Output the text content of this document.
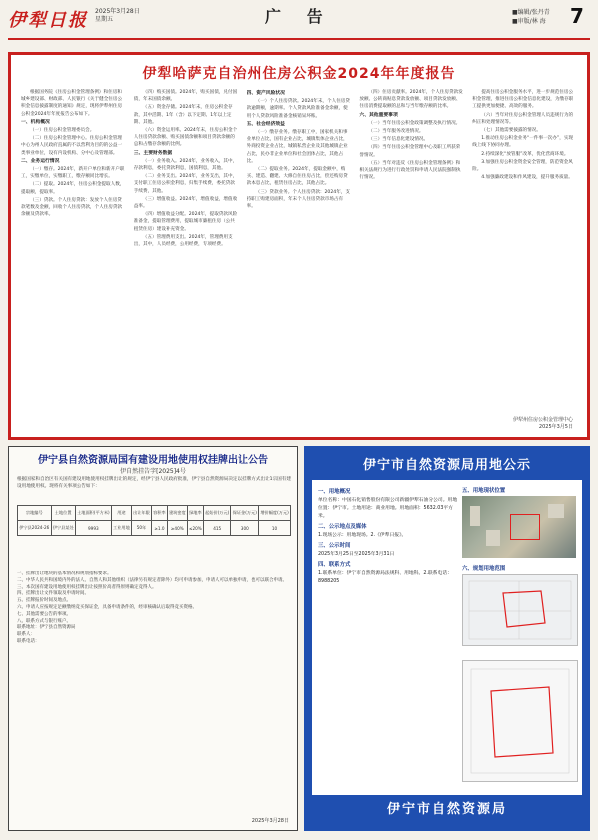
伊犁日报 2025年3月28日
星期五	广 告	■编辑/张丹青
■审版/林 海 7
伊犁哈萨克自治州住房公积金2024年年度报告

根据国务院《住房公积金管理条例》和住房和城乡建设部、财政部、人民银行《关于健全住房公积金信息披露制度的通知》规定，现将伊犁州住房公积金2024年年度报告公布如下。

一、机构概况

（一）住房公积金管理委员会。

（二）住房公积金管理中心。住房公积金管理中心为州人民政府直属的不以营利为目的的公益一类事业单位，设有内设机构、分中心及管理部。

二、业务运行情况

（一）缴存。2024年，新开户单位和新开户职工，实缴单位，实缴职工，缴存额同比增长。

（二）提取。2024年，住房公积金提取人数，提取额，提取率。

（三）贷款。个人住房贷款：发放个人住房贷款笔数及金额，回收个人住房贷款，个人住房贷款余额及贷款率。

（四）购买国债。2024年，购买国债，兑付国债，年末国债余额。

（五）资金存储。2024年末，住房公积金存款，其中活期、1年（含）以下定期、1年以上定期、其他。

（六）资金运用率。2024年末，住房公积金个人住房贷款余额、购买国债余额和项目贷款余额的总和占缴存余额的比例。

三、主要财务数据

（一）业务收入。2024年，业务收入，其中，存款利息，委托贷款利息，国债利息，其他。

（二）业务支出。2024年，业务支出，其中，支付职工住房公积金利息，归集手续费，委托贷款手续费，其他。

（三）增值收益。2024年，增值收益，增值收益率。

（四）增值收益分配。2024年，提取贷款风险准备金，提取管理费用，提取城市廉租住房（公共租赁住房）建设补充资金。

（五）管理费用支出。2024年，管理费用支出，其中，人员经费，公用经费，专项经费。

四、资产风险状况

（一）个人住房贷款。2024年末，个人住房贷款逾期额，逾期率。个人贷款风险准备金余额，使用个人贷款风险准备金核销呆坏账。

五、社会经济效益

（一）缴存业务。缴存职工中，国家机关和事业单位占比，国有企业占比，城镇集体企业占比，外商投资企业占比，城镇私营企业及其他城镇企业占比，民办非企业单位和社会团体占比，其他占比。

（二）提取业务。2024年，提取金额中，购买、建造、翻建、大修自住住房占比，偿还购房贷款本息占比，租赁住房占比，其他占比。

（三）贷款业务。个人住房贷款：2024年，支持职工购建房面积，年末个人住房贷款市场占有率。

（四）住房贡献率。2024年，个人住房贷款发放额、公转商贴息贷款发放额、项目贷款发放额、住房消费提取额的总和与当年缴存额的比率。

六、其他重要事项

（一）当年住房公积金政策调整及执行情况。

（二）当年服务改进情况。

（三）当年信息化建设情况。

（四）当年住房公积金管理中心及职工所获荣誉情况。

（五）当年对违反《住房公积金管理条例》和相关法规行为进行行政处罚和申请人民法院强制执行情况。

提高住房公积金服务水平，进一步规范住房公积金管理，推进住房公积金信息化建设，为缴存职工提供更加便捷、高效的服务。

（六）当年对住房公积金管理人员违规行为的纠正和处理情况等。

（七）其他需要披露的情况。

1.推动住房公积金业务“一件事一次办”，实现线上线下协同办理。

2.持续深化“放管服”改革，优化营商环境。

3.加强住房公积金资金安全管理，防范资金风险。

4.加强廉政建设和作风建设，提升服务质量。

伊犁州住房公积金管理中心
2025年3月5日
伊宁县自然资源局国有建设用地使用权挂牌出让公告
伊自然挂告字[2025]4号
根据国家和自治区有关国有建设用地使用权挂牌出让的规定，经伊宁县人民政府批准，伊宁县自然资源局决定以挂牌方式出让1宗国有建设用地使用权。现将有关事项公告如下：
宗地编号	土地位置	土地面积(平方米)	用途	出让年限	容积率	建筑密度	绿地率	起始价(万元)	保证金(万元)	增价幅度(万元)
伊宁县2024-26	伊宁县某处	9993	工业用地	50年	≥1.0	≥40%	≤20%	415	300	10

一、挂牌出让地块的基本情况和规划指标要求。

二、中华人民共和国境内外的法人、自然人和其他组织（法律另有规定者除外）均可申请参加，申请人可以单独申请，也可以联合申请。

三、本次国有建设用地使用权挂牌出让按照价高者得原则确定竞得人。

四、挂牌出让文件领取及申请时间。

五、挂牌报价时间及地点。

六、申请人应按规定足额缴纳竞买保证金，具备申请条件的，经审核确认后取得竞买资格。

七、其他需要公告的事项。

八、联系方式与银行账户。

联系地址：伊宁县自然资源局

联系人：

联系电话：

2025年3月28日
伊宁市自然资源局用地公示
一、用地概况

单位名称：中国石化销售股份有限公司新疆伊犁石油分公司。用地位置：伊宁市。土地用途：商业用地。用地面积：5632.03平方米。

二、公示地点及媒体

1.现场公示：用地现场。2.《伊犁日报》。

三、公示时间

2025年3月25日至2025年3月31日

四、联系方式

1.联系单位：伊宁市自然资源局法规科、用地科。2.联系电话：8988205

五、用地现状位置
六、规划用地范围
伊宁市自然资源局
